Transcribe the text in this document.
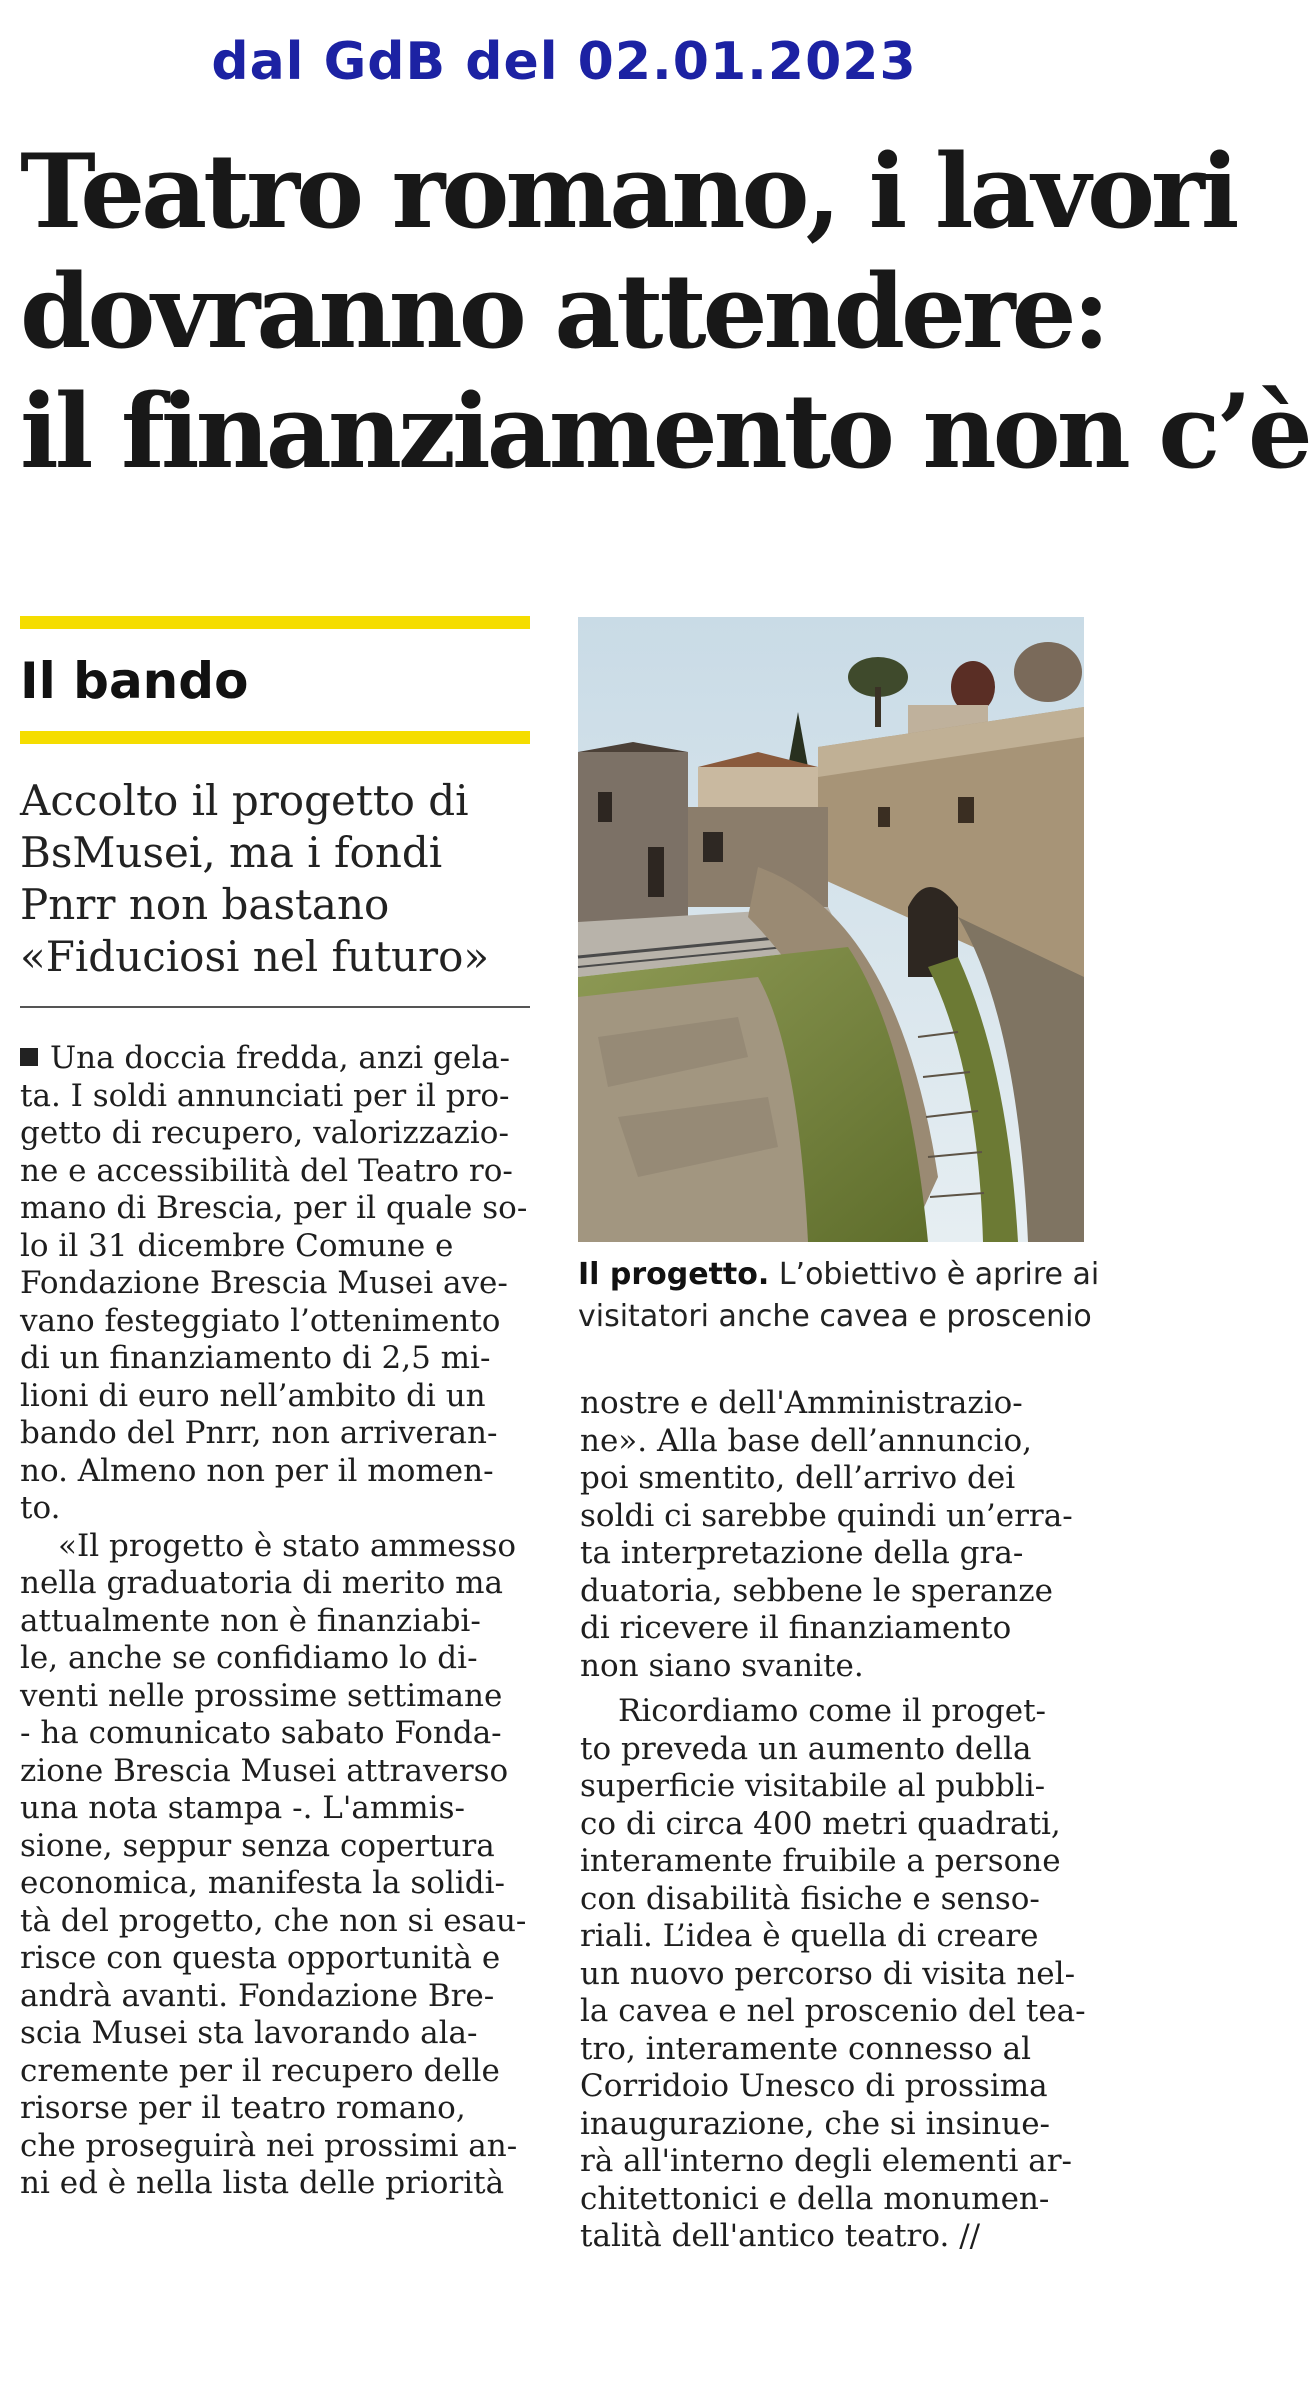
dal GdB del 02.01.2023
Teatro romano, i lavori
dovranno attendere:
il finanziamento non c’è
Il bando
Accolto il progetto di
BsMusei, ma i fondi
Pnrr non bastano
«Fiduciosi nel futuro»
Il progetto. L’obiettivo è aprire ai
visitatori anche cavea e proscenio
Una doccia fredda, anzi gela-
ta. I soldi annunciati per il pro-
getto di recupero, valorizzazio-
ne e accessibilità del Teatro ro-
mano di Brescia, per il quale so-
lo il 31 dicembre Comune e
Fondazione Brescia Musei ave-
vano festeggiato l’ottenimento
di un finanziamento di 2,5 mi-
lioni di euro nell’ambito di un
bando del Pnrr, non arriveran-
no. Almeno non per il momen-
to.
«Il progetto è stato ammesso
nella graduatoria di merito ma
attualmente non è finanziabi-
le, anche se confidiamo lo di-
venti nelle prossime settimane
- ha comunicato sabato Fonda-
zione Brescia Musei attraverso
una nota stampa -. L'ammis-
sione, seppur senza copertura
economica, manifesta la solidi-
tà del progetto, che non si esau-
risce con questa opportunità e
andrà avanti. Fondazione Bre-
scia Musei sta lavorando ala-
cremente per il recupero delle
risorse per il teatro romano,
che proseguirà nei prossimi an-
ni ed è nella lista delle priorità
nostre e dell'Amministrazio-
ne». Alla base dell’annuncio,
poi smentito, dell’arrivo dei
soldi ci sarebbe quindi un’erra-
ta interpretazione della gra-
duatoria, sebbene le speranze
di ricevere il finanziamento
non siano svanite.
Ricordiamo come il proget-
to preveda un aumento della
superficie visitabile al pubbli-
co di circa 400 metri quadrati,
interamente fruibile a persone
con disabilità fisiche e senso-
riali. L’idea è quella di creare
un nuovo percorso di visita nel-
la cavea e nel proscenio del tea-
tro, interamente connesso al
Corridoio Unesco di prossima
inaugurazione, che si insinue-
rà all'interno degli elementi ar-
chitettonici e della monumen-
talità dell'antico teatro. //
